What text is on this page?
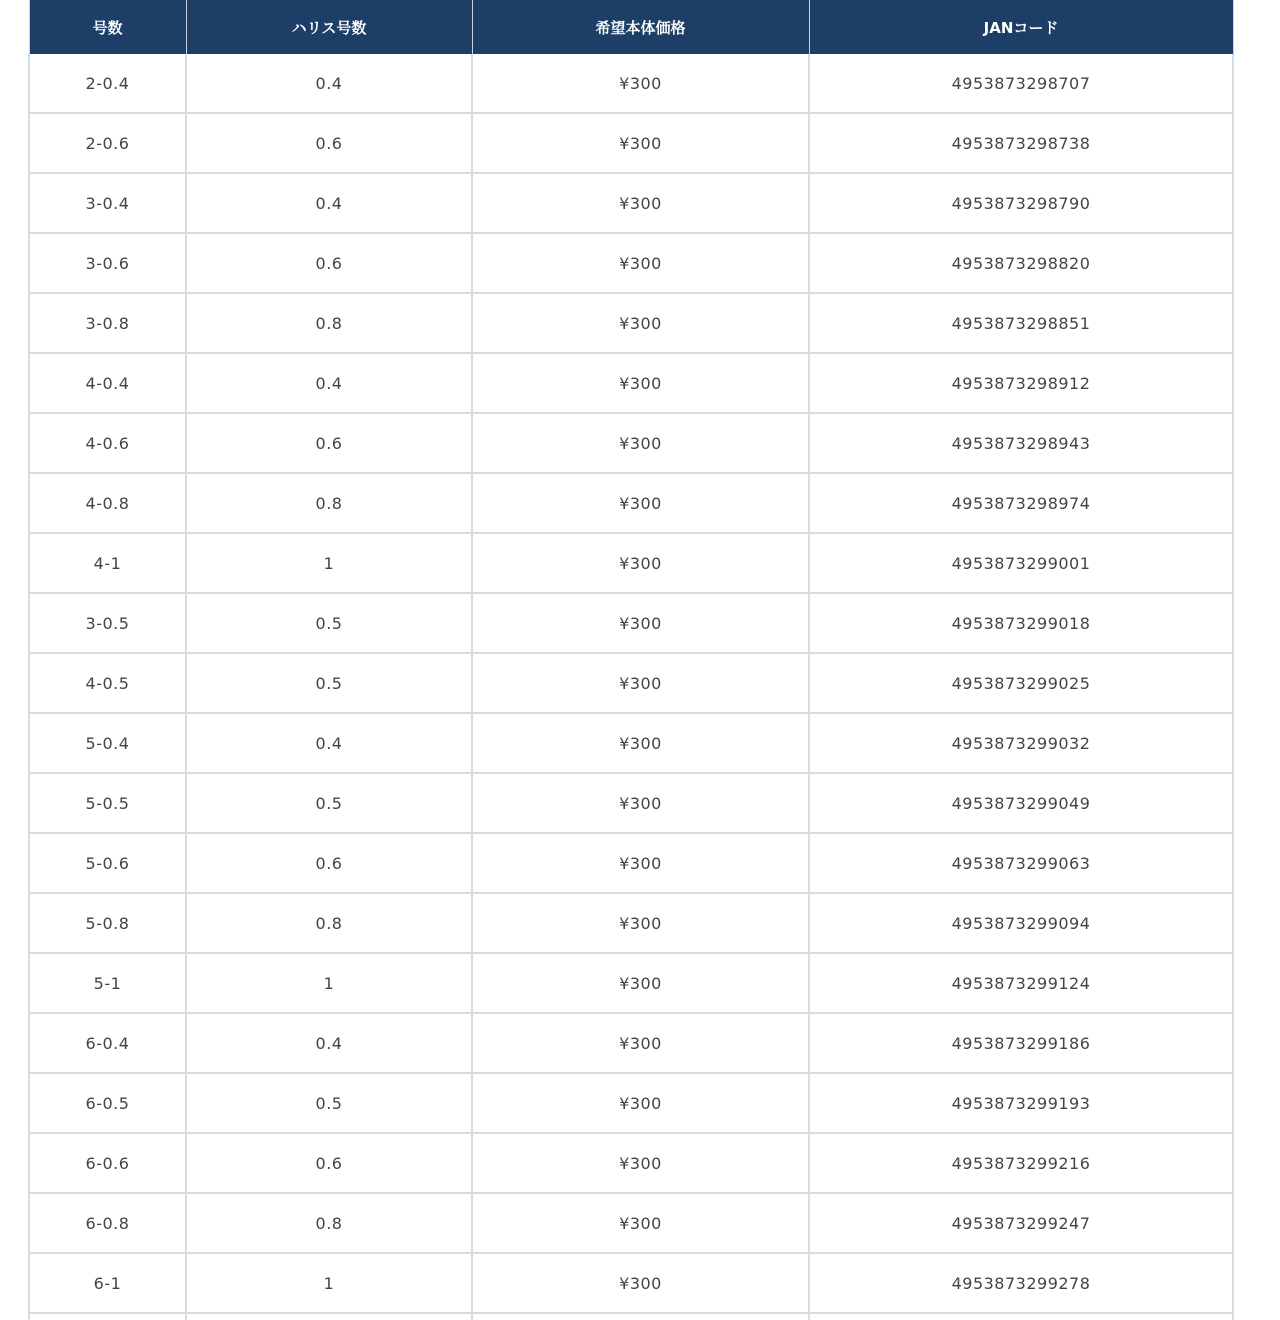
号数	ハリス号数	希望本体価格	JANコード
2-0.4	0.4	¥300	4953873298707
2-0.6	0.6	¥300	4953873298738
3-0.4	0.4	¥300	4953873298790
3-0.6	0.6	¥300	4953873298820
3-0.8	0.8	¥300	4953873298851
4-0.4	0.4	¥300	4953873298912
4-0.6	0.6	¥300	4953873298943
4-0.8	0.8	¥300	4953873298974
4-1	1	¥300	4953873299001
3-0.5	0.5	¥300	4953873299018
4-0.5	0.5	¥300	4953873299025
5-0.4	0.4	¥300	4953873299032
5-0.5	0.5	¥300	4953873299049
5-0.6	0.6	¥300	4953873299063
5-0.8	0.8	¥300	4953873299094
5-1	1	¥300	4953873299124
6-0.4	0.4	¥300	4953873299186
6-0.5	0.5	¥300	4953873299193
6-0.6	0.6	¥300	4953873299216
6-0.8	0.8	¥300	4953873299247
6-1	1	¥300	4953873299278
